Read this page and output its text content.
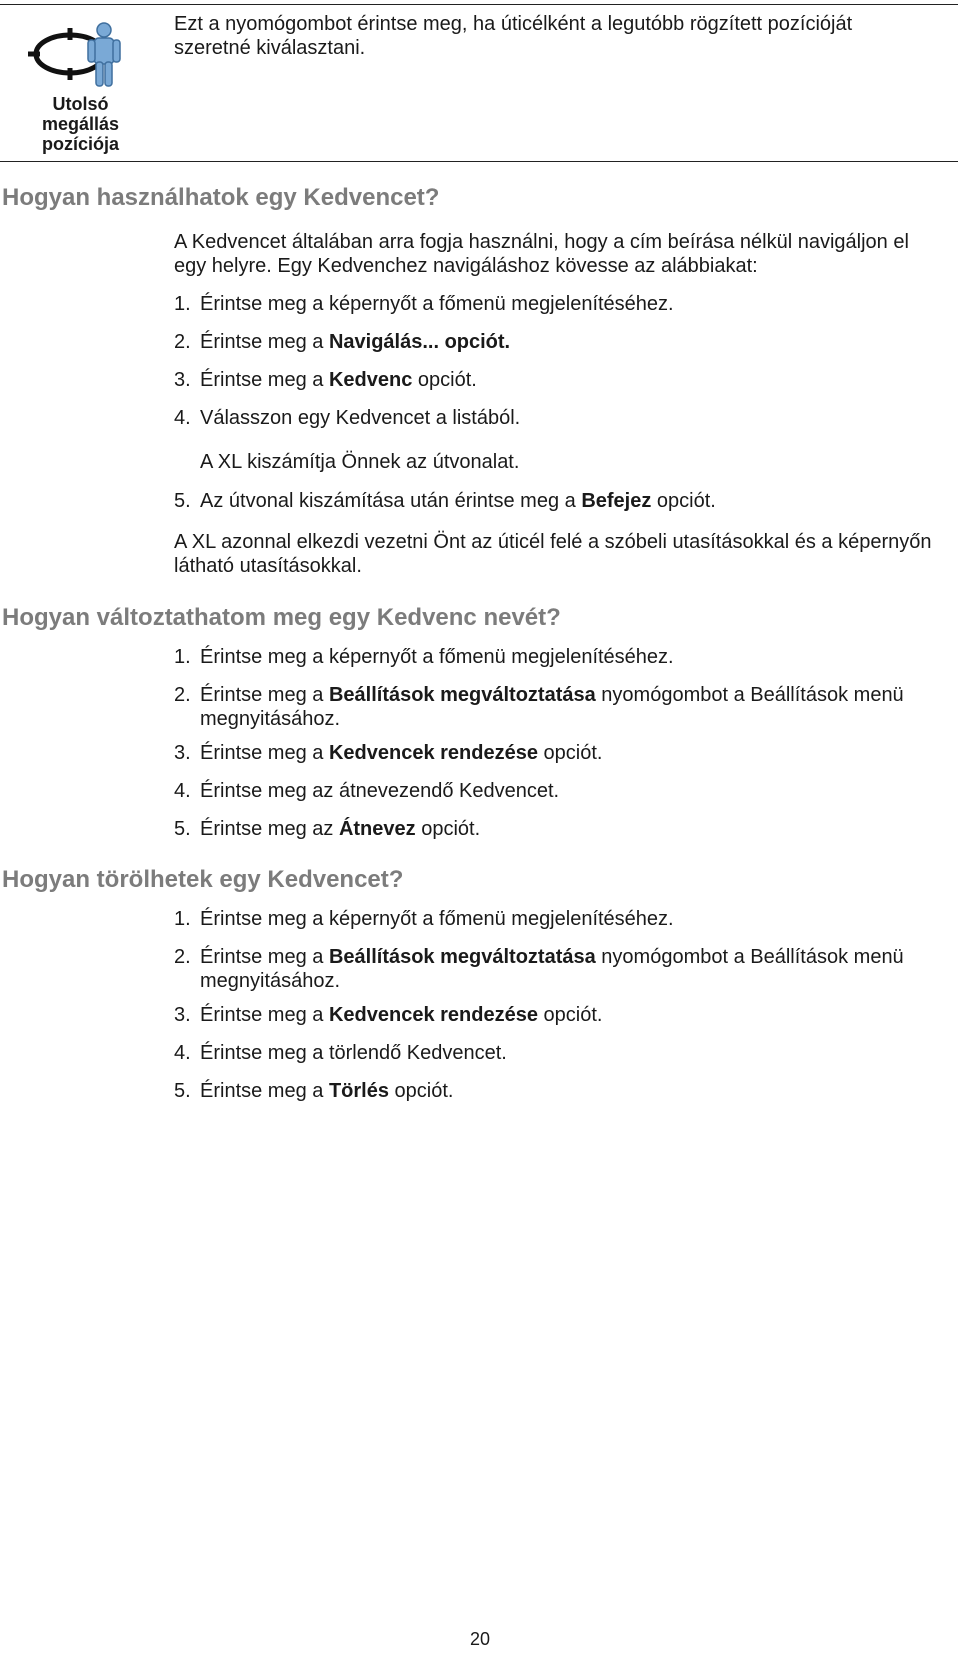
Utolsó
megállás
pozíciója
Ezt a nyomógombot érintse meg, ha úticélként a legutóbb rögzített pozícióját szeretné kiválasztani.
Hogyan használhatok egy Kedvencet?

A Kedvencet általában arra fogja használni, hogy a cím beírása nélkül navigáljon el egy helyre. Egy Kedvenchez navigáláshoz kövesse az alábbiakat:

1. Érintse meg a képernyőt a főmenü megjelenítéséhez.
2. Érintse meg a Navigálás... opciót.
3. Érintse meg a Kedvenc opciót.
4. Válasszon egy Kedvencet a listából.

A XL kiszámítja Önnek az útvonalat.

5. Az útvonal kiszámítása után érintse meg a Befejez opciót.

A XL azonnal elkezdi vezetni Önt az úticél felé a szóbeli utasításokkal és a képernyőn látható utasításokkal.

Hogyan változtathatom meg egy Kedvenc nevét?
1. Érintse meg a képernyőt a főmenü megjelenítéséhez.
2. Érintse meg a Beállítások megváltoztatása nyomógombot a Beállítások menü megnyitásához.
3. Érintse meg a Kedvencek rendezése opciót.
4. Érintse meg az átnevezendő Kedvencet.
5. Érintse meg az Átnevez opciót.
Hogyan törölhetek egy Kedvencet?
1. Érintse meg a képernyőt a főmenü megjelenítéséhez.
2. Érintse meg a Beállítások megváltoztatása nyomógombot a Beállítások menü megnyitásához.
3. Érintse meg a Kedvencek rendezése opciót.
4. Érintse meg a törlendő Kedvencet.
5. Érintse meg a Törlés opciót.
20
